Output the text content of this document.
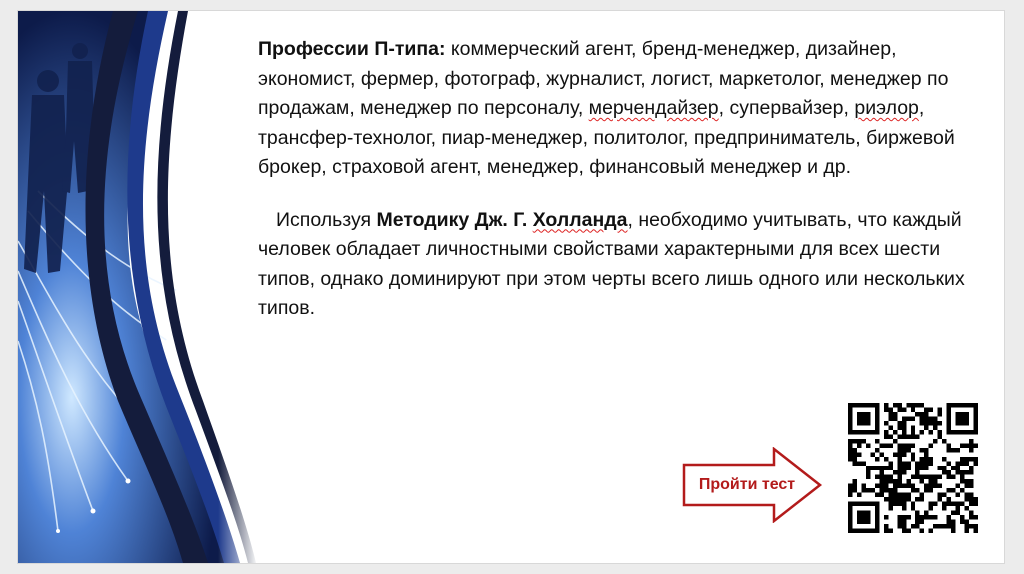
Профессии П-типа: коммерческий агент, бренд-менеджер, дизайнер, экономист, фермер, фотограф, журналист, логист, маркетолог, менеджер по продажам, менеджер по персоналу, мерчендайзер, супервайзер, риэлор, трансфер-технолог, пиар-менеджер, политолог, предприниматель, биржевой брокер, страховой агент, менеджер, финансовый менеджер и др.

Используя Методику Дж. Г. Холланда, необходимо учитывать, что каждый человек обладает личностными свойствами характерными для всех шести типов, однако доминируют при этом черты всего лишь одного или нескольких типов.

Пройти тест
